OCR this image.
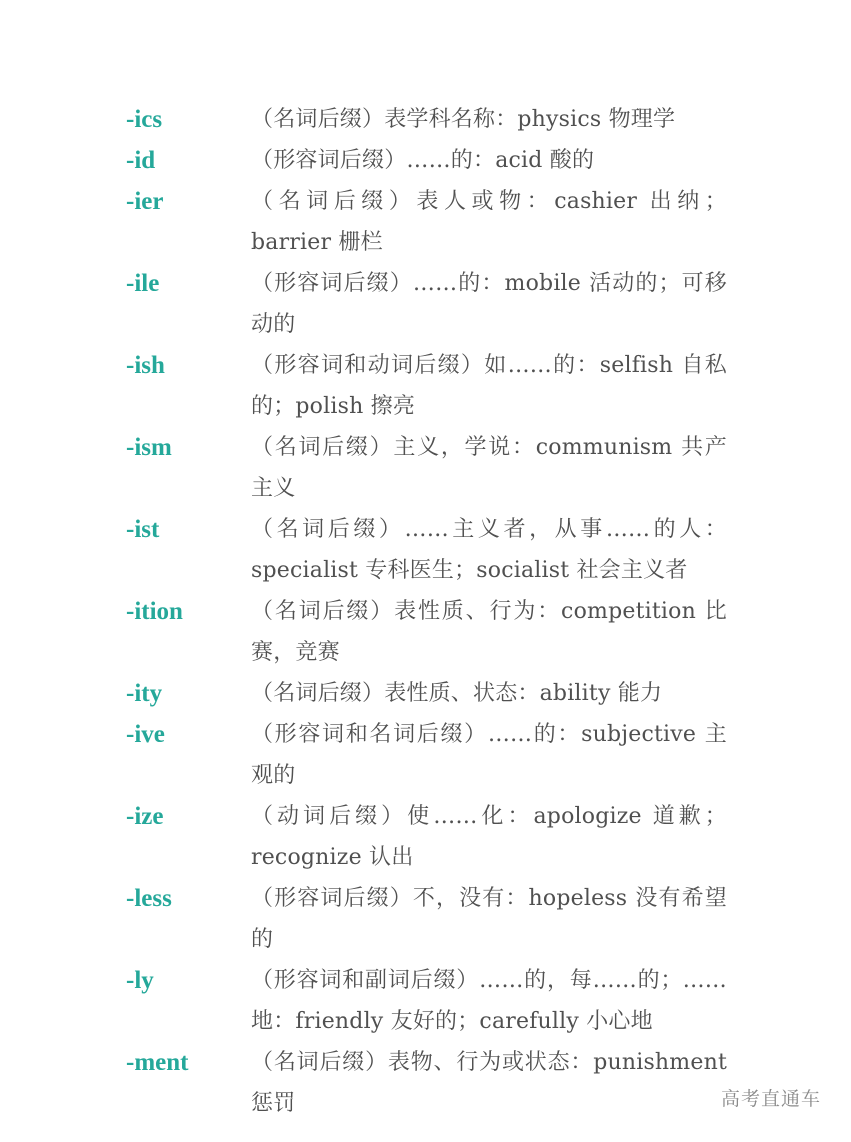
-ics	（名词后缀）表学科名称：physics 物理学
-id	（形容词后缀）……的：acid 酸的
-ier	（名词后缀）表人或物：cashier 出纳；barrier 栅栏
-ile	（形容词后缀）……的：mobile 活动的；可移动的
-ish	（形容词和动词后缀）如……的：selfish 自私的；polish 擦亮
-ism	（名词后缀）主义，学说：communism 共产主义
-ist	（名词后缀）……主义者，从事……的人：specialist 专科医生；socialist 社会主义者
-ition	（名词后缀）表性质、行为：competition 比赛，竞赛
-ity	（名词后缀）表性质、状态：ability 能力
-ive	（形容词和名词后缀）……的：subjective 主观的
-ize	（动词后缀）使……化：apologize 道歉；recognize 认出
-less	（形容词后缀）不，没有：hopeless 没有希望的
-ly	（形容词和副词后缀）……的，每……的；……地：friendly 友好的；carefully 小心地
-ment	（名词后缀）表物、行为或状态：punishment 惩罚	高考直通车
